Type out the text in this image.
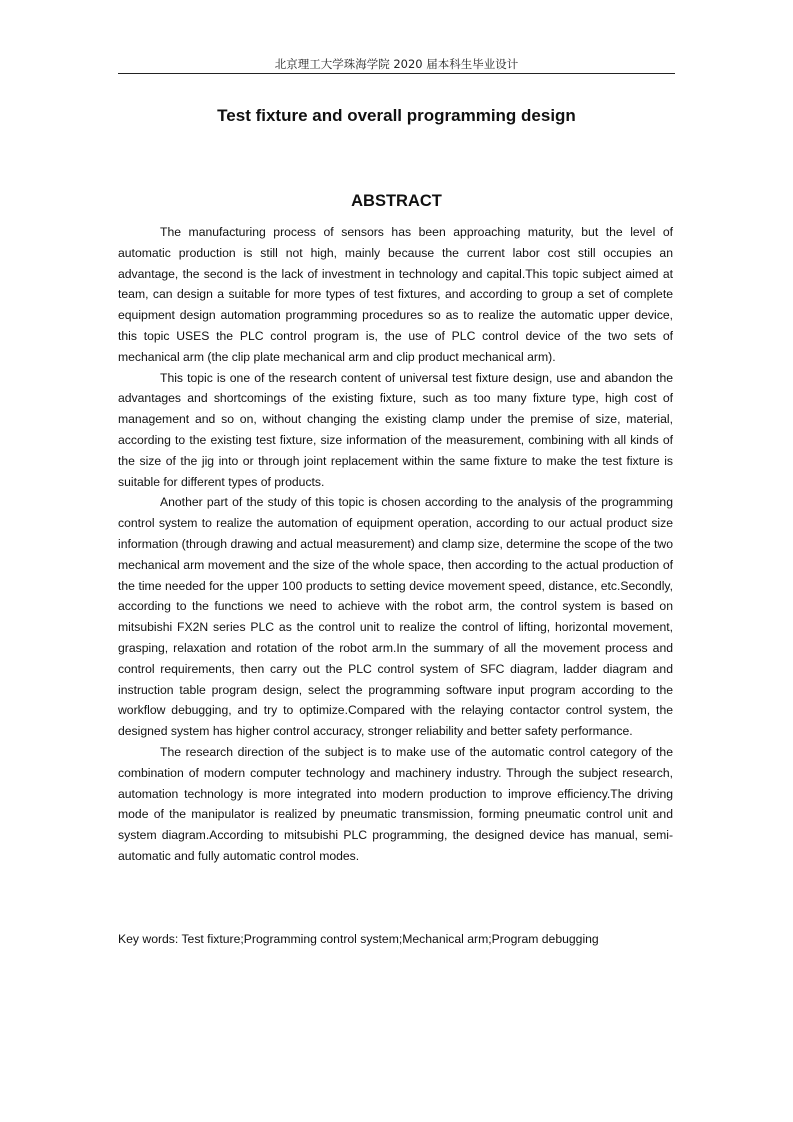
北京理工大学珠海学院 2020 届本科生毕业设计
Test fixture and overall programming design
ABSTRACT

The manufacturing process of sensors has been approaching maturity, but the level of automatic production is still not high, mainly because the current labor cost still occupies an advantage, the second is the lack of investment in technology and capital.This topic subject aimed at team, can design a suitable for more types of test fixtures, and according to group a set of complete equipment design automation programming procedures so as to realize the automatic upper device, this topic USES the PLC control program is, the use of PLC control device of the two sets of mechanical arm (the clip plate mechanical arm and clip product mechanical arm).

This topic is one of the research content of universal test fixture design, use and abandon the advantages and shortcomings of the existing fixture, such as too many fixture type, high cost of management and so on, without changing the existing clamp under the premise of size, material, according to the existing test fixture, size information of the measurement, combining with all kinds of the size of the jig into or through joint replacement within the same fixture to make the test fixture is suitable for different types of products.

Another part of the study of this topic is chosen according to the analysis of the programming control system to realize the automation of equipment operation, according to our actual product size information (through drawing and actual measurement) and clamp size, determine the scope of the two mechanical arm movement and the size of the whole space, then according to the actual production of the time needed for the upper 100 products to setting device movement speed, distance, etc.Secondly, according to the functions we need to achieve with the robot arm, the control system is based on mitsubishi FX2N series PLC as the control unit to realize the control of lifting, horizontal movement, grasping, relaxation and rotation of the robot arm.In the summary of all the movement process and control requirements, then carry out the PLC control system of SFC diagram, ladder diagram and instruction table program design, select the programming software input program according to the workflow debugging, and try to optimize.Compared with the relaying contactor control system, the designed system has higher control accuracy, stronger reliability and better safety performance.

The research direction of the subject is to make use of the automatic control category of the combination of modern computer technology and machinery industry. Through the subject research, automation technology is more integrated into modern production to improve efficiency.The driving mode of the manipulator is realized by pneumatic transmission, forming pneumatic control unit and system diagram.According to mitsubishi PLC programming, the designed device has manual, semi-automatic and fully automatic control modes.

Key words: Test fixture;Programming control system;Mechanical arm;Program debugging
